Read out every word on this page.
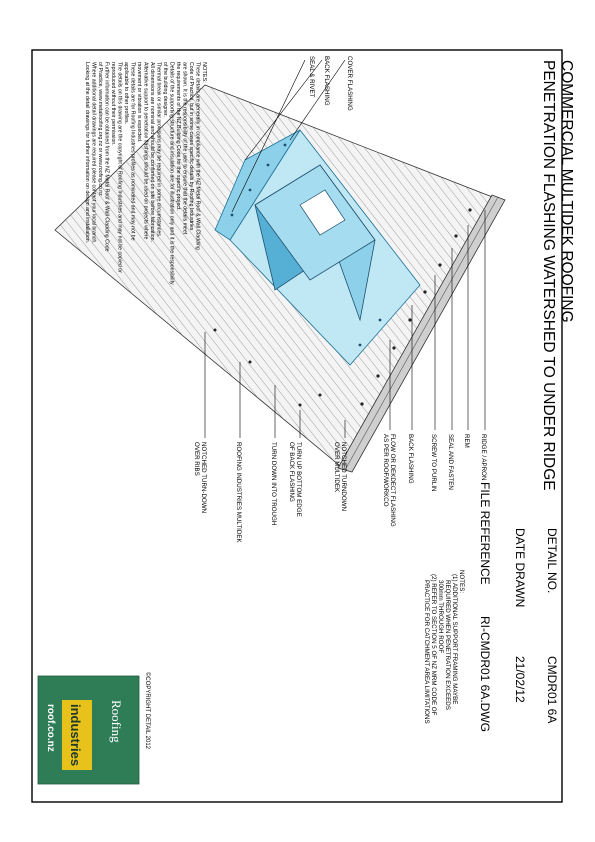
COMMERCIAL MULTIDEK ROOFING
PENETRATION FLASHING WATERSHED TO UNDER RIDGE
DETAIL NO.
CMDR01 6A
DATE DRAWN
21/02/12
FILE REFERENCE
RI-CMDR01 6A.DWG
NOTES:
(1) ADDITIONAL SUPPORT FRAMING MAYBE
REQUIRED WHEN PENETRATION EXCEEDS
300mm THROUGH ROOF
(2) REFER TO SECTION 5 OF NZ MRM CODE OF
PRACTICE FOR CATCHMENT AREA LIMITATIONS
RIDGE / APRON
REM
SEAL AND FASTEN
SCREW TO PURLIN
BACK FLASHING
FLOW OR DEKDECT FLASHING
AS PER ROOF/WORKCO
NOTCHED TURNDOWN
OVER MULTIDEK
TURN UP BOTTOM EDGE
OF BACK FLASHING
TURN DOWN INTO TROUGH
ROOFING INDUSTRIES MULTIDEK
NOTCHED TURN-DOWN
OVER RIBS
COVER FLASHING
BACK FLASHING
SEAL & RIVET
NOTES:
These details are generally in compliance with the NZ Metal Roof & Wall Cladding
Code of Practice, but in some cases specific details by Roofing Industries
are shown. It is the responsibility of the user to ensure that the details meet
the requirements of the NZ Building Code for the specific project.
Details of the supporting structure and insulation are for illustration only and it is the responsibility
of the building designer.
Thermal break or similar provisions may be required in some circumstances.
All dimensions are nominal and should be confirmed on site before fabrication.
Alternative support to penetration flashings should be used on projects where
movement or vibration is expected.
These details are for Roofing Industries profiles as nominated and may not be
applicable to other profiles.
The details on this drawing are the copyright of Roofing Industries and may not be copied or
reproduced without their permission.
Further information can be obtained from the NZ Metal Roof & Wall Cladding Code
of Practice, www.metalroofing.org.nz or www.roofing.co.nz
Where additional detail drawings are required please contact your local branch.
Looking at the detail drawings for further information on design and installation.
©COPYRIGHT DETAIL 2012
Roofing
industries
roof.co.nz
